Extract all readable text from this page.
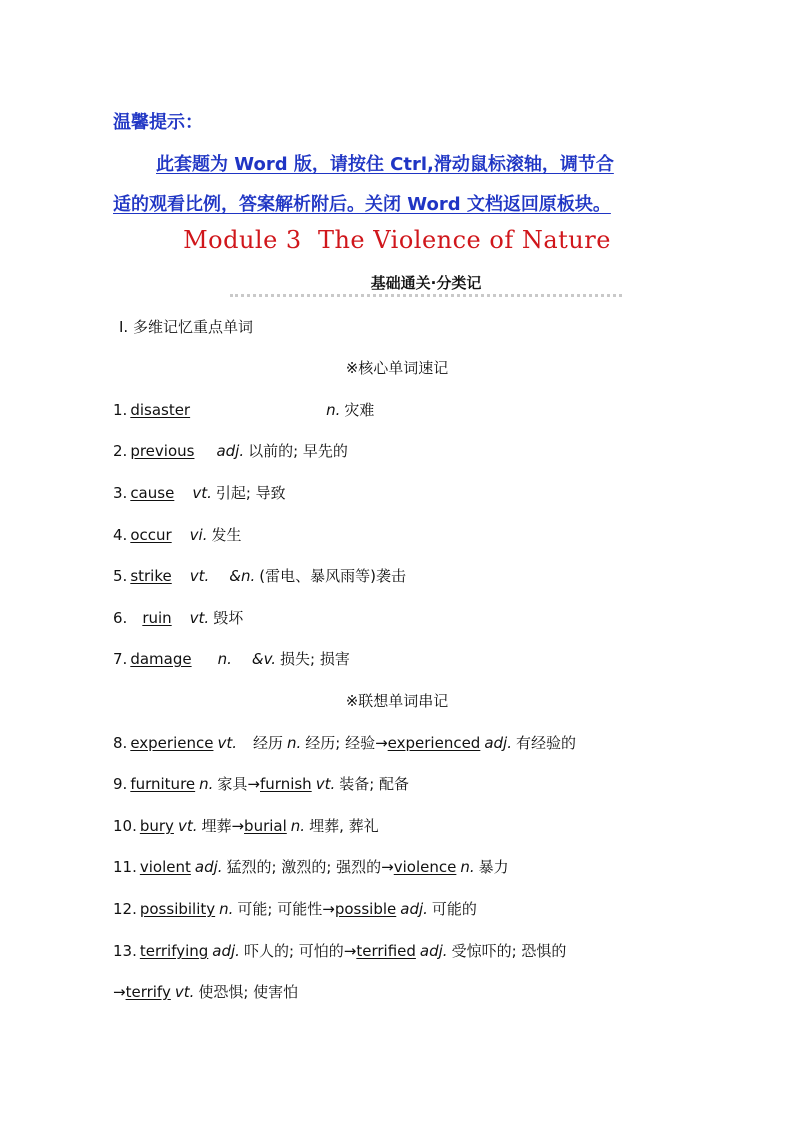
温馨提示：
此套题为 Word 版，请按住 Ctrl,滑动鼠标滚轴，调节合
适的观看比例，答案解析附后。关闭 Word 文档返回原板块。
Module 3  The Violence of Nature
基础通关·分类记
Ⅰ. 多维记忆重点单词
※核心单词速记
1. disaster	n. 灾难
2. previous adj. 以前的; 早先的
3. cause vt. 引起; 导致
4. occur vi. 发生
5. strike vt. &n. (雷电、暴风雨等)袭击
6. ruin vt. 毁坏
7. damage n. &v. 损失; 损害
※联想单词串记
8. experience vt. 经历 n. 经历; 经验→experienced adj. 有经验的
9. furniture n. 家具→furnish vt. 装备; 配备
10. bury vt. 埋葬→burial n. 埋葬, 葬礼
11. violent adj. 猛烈的; 激烈的; 强烈的→violence n. 暴力
12. possibility n. 可能; 可能性→possible adj. 可能的
13. terrifying adj. 吓人的; 可怕的→terrified adj. 受惊吓的; 恐惧的
→terrify vt. 使恐惧; 使害怕
